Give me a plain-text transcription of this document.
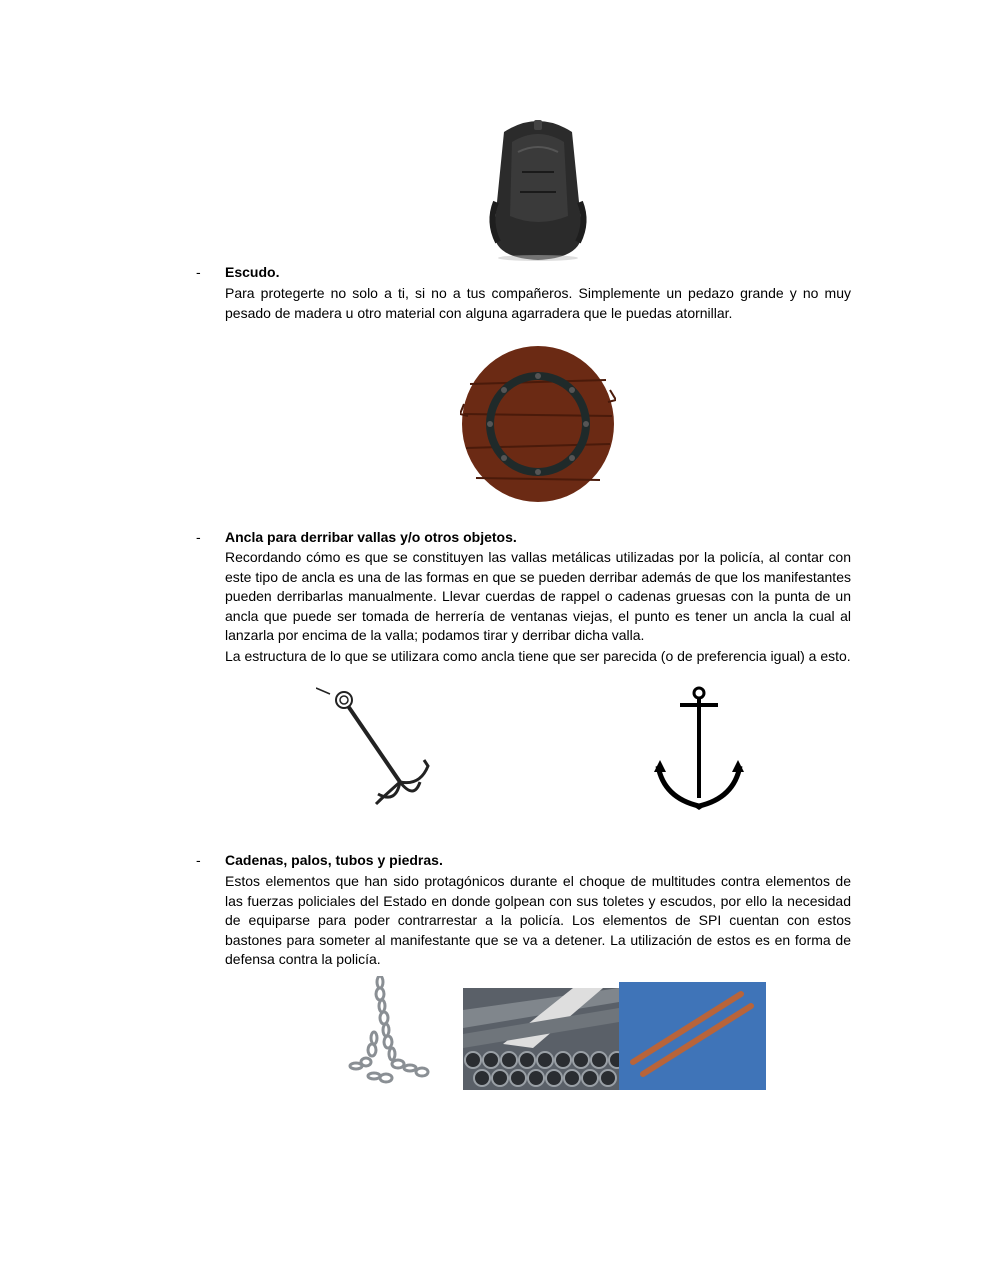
- Escudo.

Para protegerte no solo a ti, si no a tus compañeros. Simplemente un pedazo grande y no muy pesado de madera u otro material con alguna agarradera que le puedas atornillar.

- Ancla para derribar vallas y/o otros objetos.

Recordando cómo es que se constituyen las vallas metálicas utilizadas por la policía, al contar con este tipo de ancla es una de las formas en que se pueden derribar además de que los manifestantes pueden derribarlas manualmente. Llevar cuerdas de rappel o cadenas gruesas con la punta de un ancla que puede ser tomada de herrería de ventanas viejas, el punto es tener un ancla la cual al lanzarla por encima de la valla; podamos tirar y derribar dicha valla.

La estructura de lo que se utilizara como ancla tiene que ser parecida (o de preferencia igual) a esto.

- Cadenas, palos, tubos y piedras.

Estos elementos que han sido protagónicos durante el choque de multitudes contra elementos de las fuerzas policiales del Estado en donde golpean con sus toletes y escudos, por ello la necesidad de equiparse para poder contrarrestar a la policía. Los elementos de SPI cuentan con estos bastones para someter al manifestante que se va a detener. La utilización de estos es en forma de defensa contra la policía.
